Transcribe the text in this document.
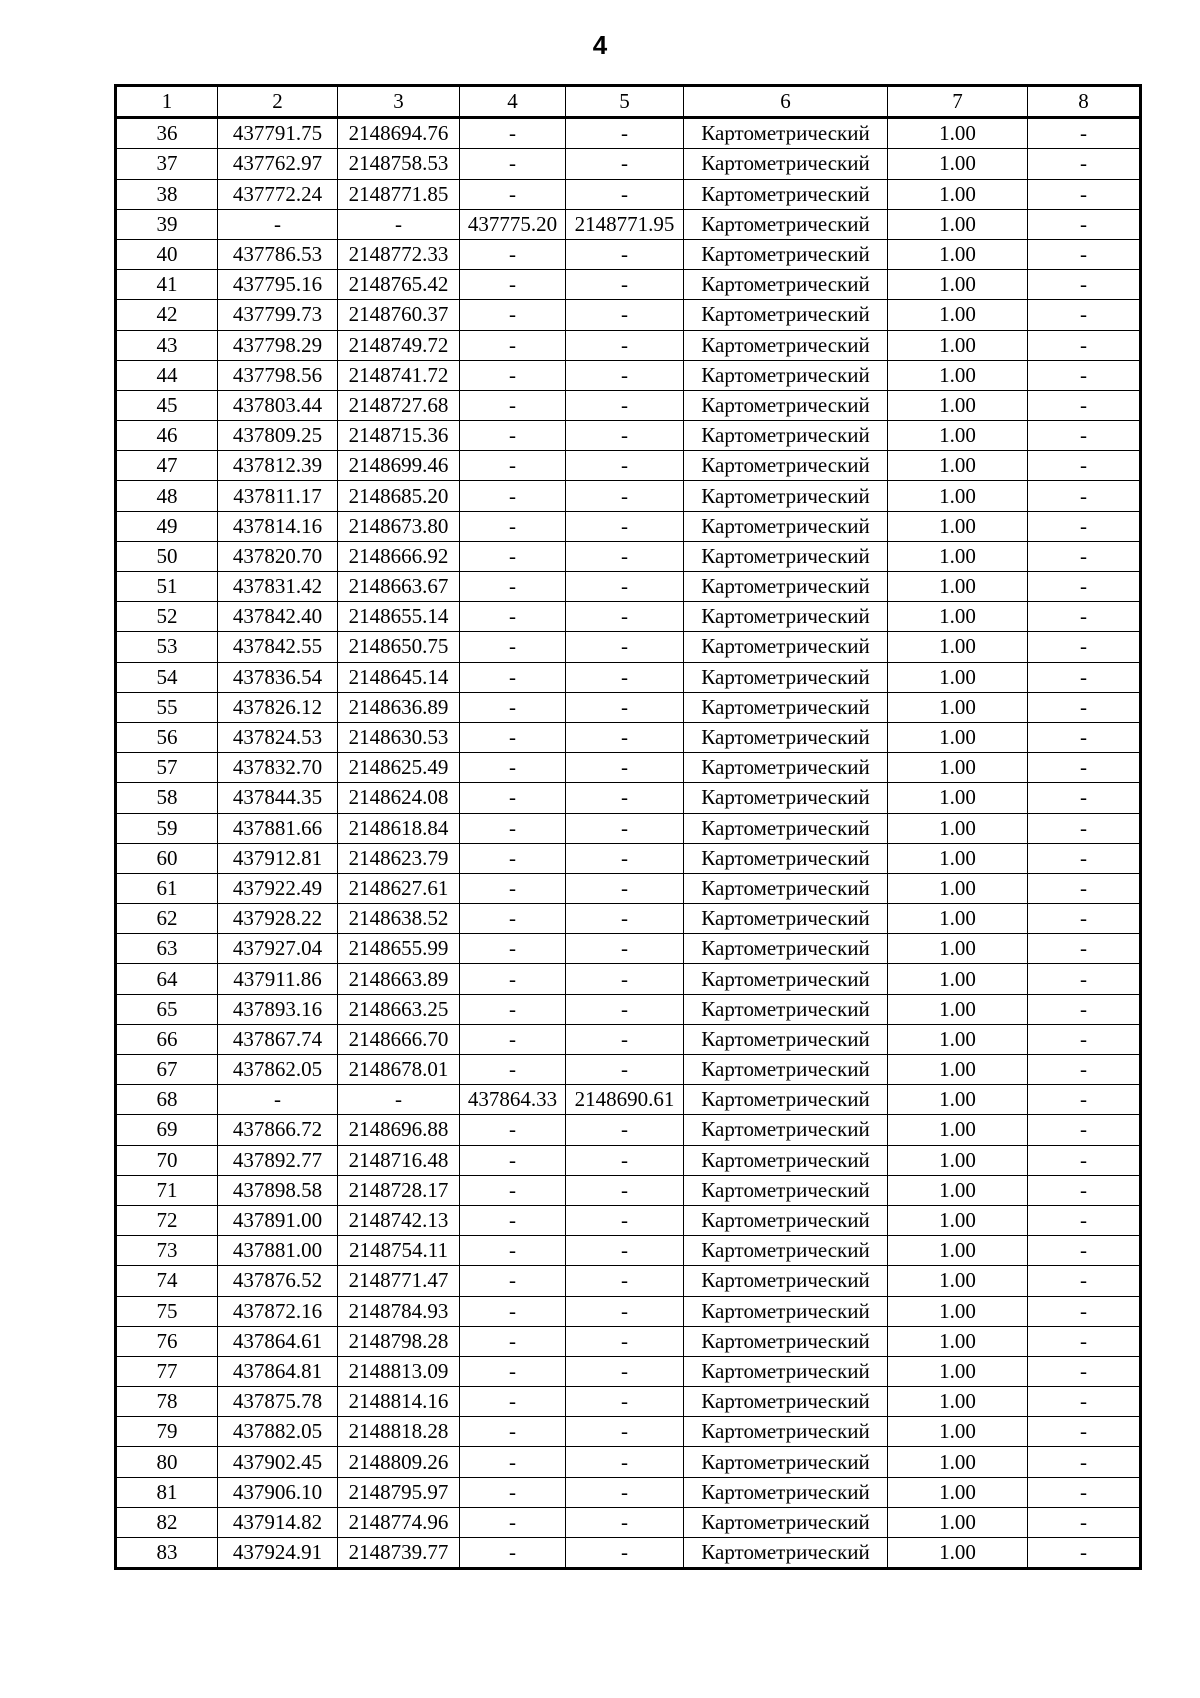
4
1	2	3	4	5	6	7	8
36	437791.75	2148694.76	-	-	Картометрический	1.00	-
37	437762.97	2148758.53	-	-	Картометрический	1.00	-
38	437772.24	2148771.85	-	-	Картометрический	1.00	-
39	-	-	437775.20	2148771.95	Картометрический	1.00	-
40	437786.53	2148772.33	-	-	Картометрический	1.00	-
41	437795.16	2148765.42	-	-	Картометрический	1.00	-
42	437799.73	2148760.37	-	-	Картометрический	1.00	-
43	437798.29	2148749.72	-	-	Картометрический	1.00	-
44	437798.56	2148741.72	-	-	Картометрический	1.00	-
45	437803.44	2148727.68	-	-	Картометрический	1.00	-
46	437809.25	2148715.36	-	-	Картометрический	1.00	-
47	437812.39	2148699.46	-	-	Картометрический	1.00	-
48	437811.17	2148685.20	-	-	Картометрический	1.00	-
49	437814.16	2148673.80	-	-	Картометрический	1.00	-
50	437820.70	2148666.92	-	-	Картометрический	1.00	-
51	437831.42	2148663.67	-	-	Картометрический	1.00	-
52	437842.40	2148655.14	-	-	Картометрический	1.00	-
53	437842.55	2148650.75	-	-	Картометрический	1.00	-
54	437836.54	2148645.14	-	-	Картометрический	1.00	-
55	437826.12	2148636.89	-	-	Картометрический	1.00	-
56	437824.53	2148630.53	-	-	Картометрический	1.00	-
57	437832.70	2148625.49	-	-	Картометрический	1.00	-
58	437844.35	2148624.08	-	-	Картометрический	1.00	-
59	437881.66	2148618.84	-	-	Картометрический	1.00	-
60	437912.81	2148623.79	-	-	Картометрический	1.00	-
61	437922.49	2148627.61	-	-	Картометрический	1.00	-
62	437928.22	2148638.52	-	-	Картометрический	1.00	-
63	437927.04	2148655.99	-	-	Картометрический	1.00	-
64	437911.86	2148663.89	-	-	Картометрический	1.00	-
65	437893.16	2148663.25	-	-	Картометрический	1.00	-
66	437867.74	2148666.70	-	-	Картометрический	1.00	-
67	437862.05	2148678.01	-	-	Картометрический	1.00	-
68	-	-	437864.33	2148690.61	Картометрический	1.00	-
69	437866.72	2148696.88	-	-	Картометрический	1.00	-
70	437892.77	2148716.48	-	-	Картометрический	1.00	-
71	437898.58	2148728.17	-	-	Картометрический	1.00	-
72	437891.00	2148742.13	-	-	Картометрический	1.00	-
73	437881.00	2148754.11	-	-	Картометрический	1.00	-
74	437876.52	2148771.47	-	-	Картометрический	1.00	-
75	437872.16	2148784.93	-	-	Картометрический	1.00	-
76	437864.61	2148798.28	-	-	Картометрический	1.00	-
77	437864.81	2148813.09	-	-	Картометрический	1.00	-
78	437875.78	2148814.16	-	-	Картометрический	1.00	-
79	437882.05	2148818.28	-	-	Картометрический	1.00	-
80	437902.45	2148809.26	-	-	Картометрический	1.00	-
81	437906.10	2148795.97	-	-	Картометрический	1.00	-
82	437914.82	2148774.96	-	-	Картометрический	1.00	-
83	437924.91	2148739.77	-	-	Картометрический	1.00	-
